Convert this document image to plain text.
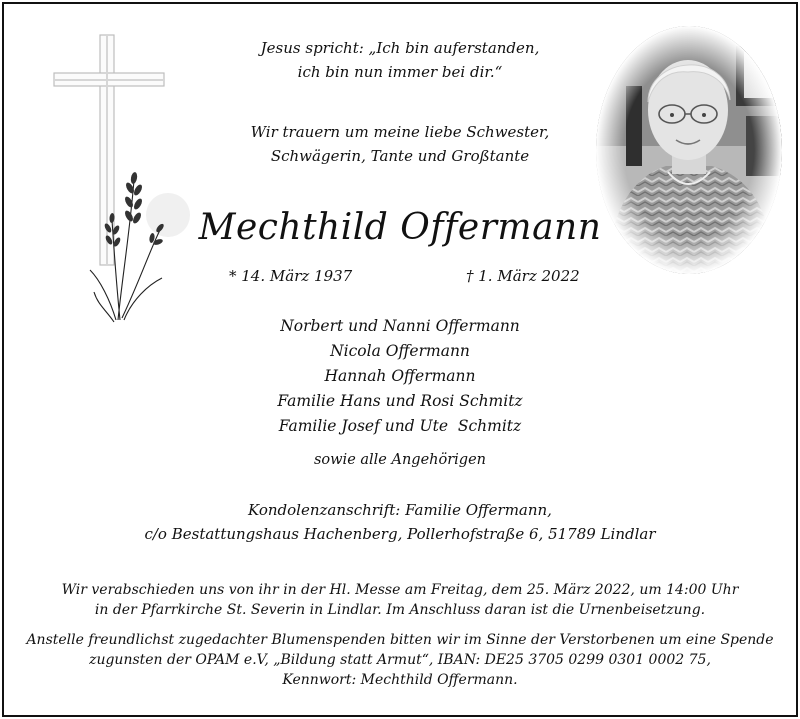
Jesus spricht: „Ich bin auferstanden,
ich bin nun immer bei dir.“
Wir trauern um meine liebe Schwester,
Schwägerin, Tante und Großtante
Mechthild Offermann
* 14. März 1937	† 1. März 2022
Norbert und Nanni Offermann
Nicola Offermann
Hannah Offermann
Familie Hans und Rosi Schmitz
Familie Josef und Ute  Schmitz
sowie alle Angehörigen
Kondolenzanschrift: Familie Offermann,
c/o Bestattungshaus Hachenberg, Pollerhofstraße 6, 51789 Lindlar
Wir verabschieden uns von ihr in der Hl. Messe am Freitag, dem 25. März 2022, um 14:00 Uhr
in der Pfarrkirche St. Severin in Lindlar. Im Anschluss daran ist die Urnenbeisetzung.
Anstelle freundlichst zugedachter Blumenspenden bitten wir im Sinne der Verstorbenen um eine Spende
zugunsten der OPAM e.V, „Bildung statt Armut“, IBAN: DE25 3705 0299 0301 0002 75,
Kennwort: Mechthild Offermann.
